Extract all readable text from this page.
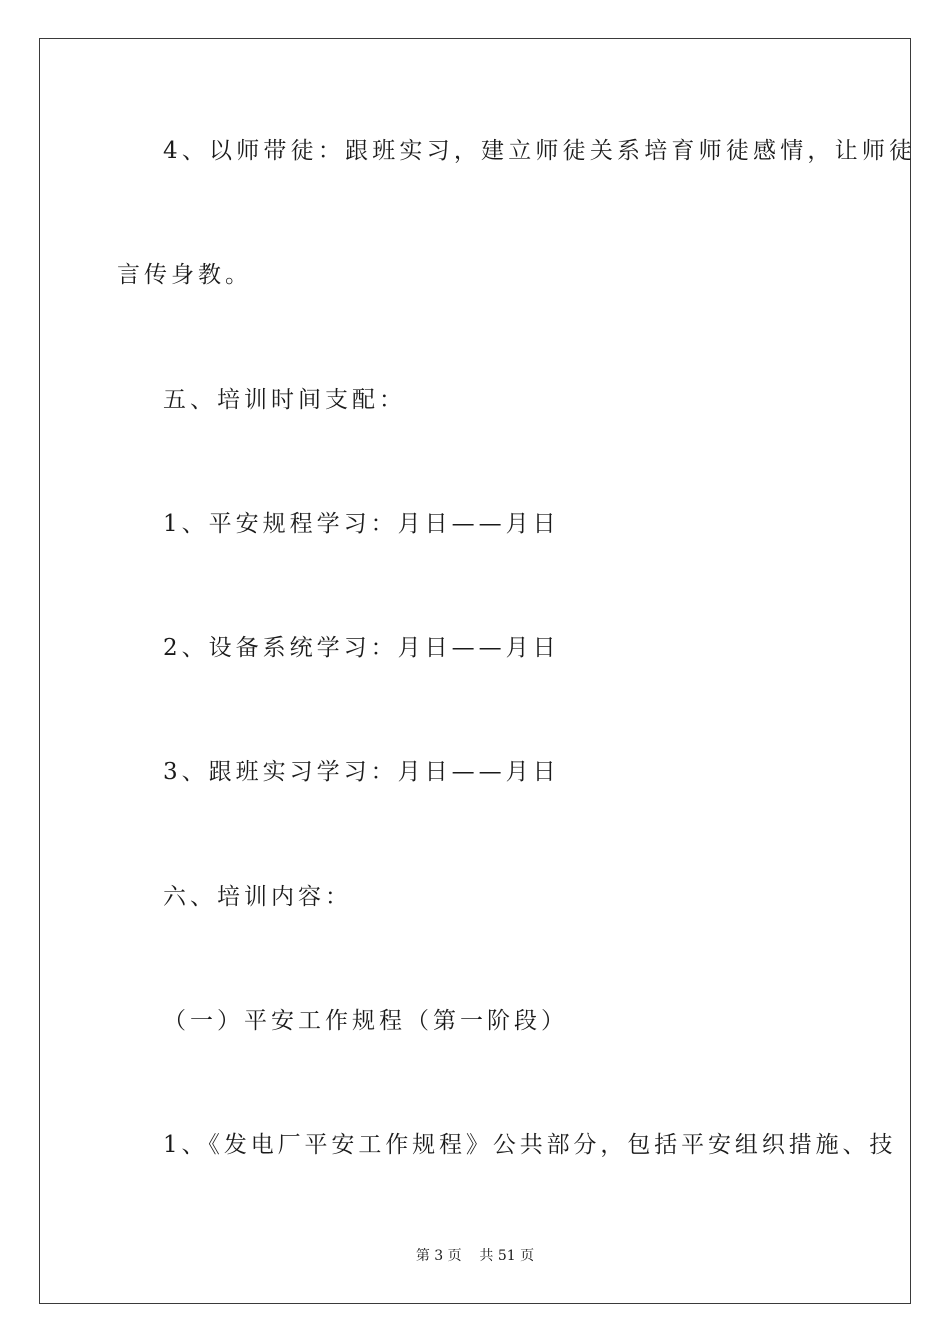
4、以师带徒：跟班实习，建立师徒关系培育师徒感情，让师徒
言传身教。
五、培训时间支配：
1、平安规程学习：月日——月日
2、设备系统学习：月日——月日
3、跟班实习学习：月日——月日
六、培训内容：
（一）平安工作规程（第一阶段）
1、《发电厂平安工作规程》公共部分，包括平安组织措施、技
第 3 页    共 51 页
